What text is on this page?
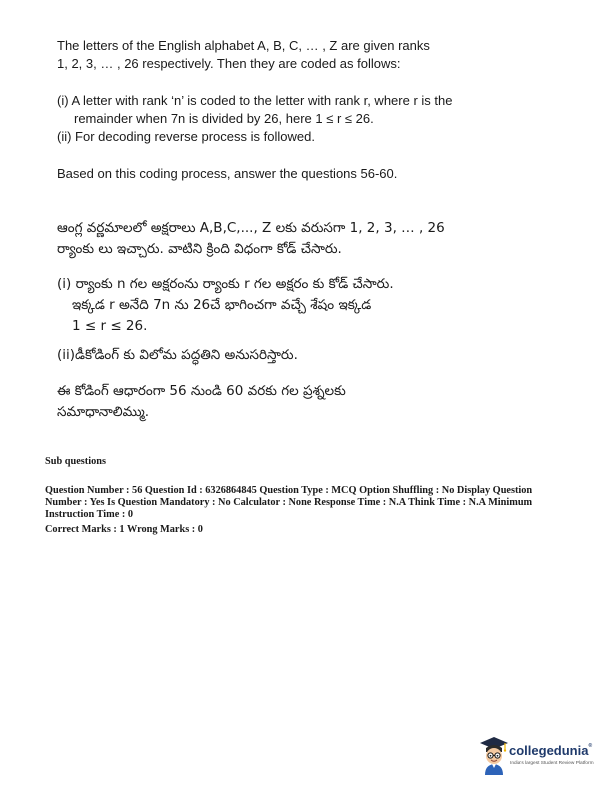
The letters of the English alphabet A, B, C, … , Z are given ranks
1, 2, 3, … , 26 respectively. Then they are coded as follows:

(i) A letter with rank ‘n’ is coded to the letter with rank r, where r is the

remainder when 7n is divided by 26, here 1 ≤ r ≤ 26.
(ii) For decoding reverse process is followed.

Based on this coding process, answer the questions 56-60.

ఆంగ్ల వర్ణమాలలో అక్షరాలు A,B,C,..., Z లకు వరుసగా 1, 2, 3, … , 26
ర్యాంకు లు ఇచ్చారు. వాటిని క్రింది విధంగా కోడ్ చేసారు.

(i) ర్యాంకు n గల అక్షరంను ర్యాంకు r గల అక్షరం కు కోడ్ చేసారు.

ఇక్కడ r అనేది 7n ను 26చే భాగించగా వచ్చే శేషం ఇక్కడ
1 ≤ r ≤ 26.

(ii)డీకోడింగ్ కు విలోమ పద్ధతిని అనుసరిస్తారు.

ఈ కోడింగ్ ఆధారంగా 56 నుండి 60 వరకు గల ప్రశ్నలకు
సమాధానాలిమ్ము.

Sub questions

Question Number : 56 Question Id : 6326864845 Question Type : MCQ Option Shuffling : No Display Question
Number : Yes Is Question Mandatory : No Calculator : None Response Time : N.A Think Time : N.A Minimum
Instruction Time : 0

Correct Marks : 1 Wrong Marks : 0

collegedunia®
India's largest Student Review Platform
